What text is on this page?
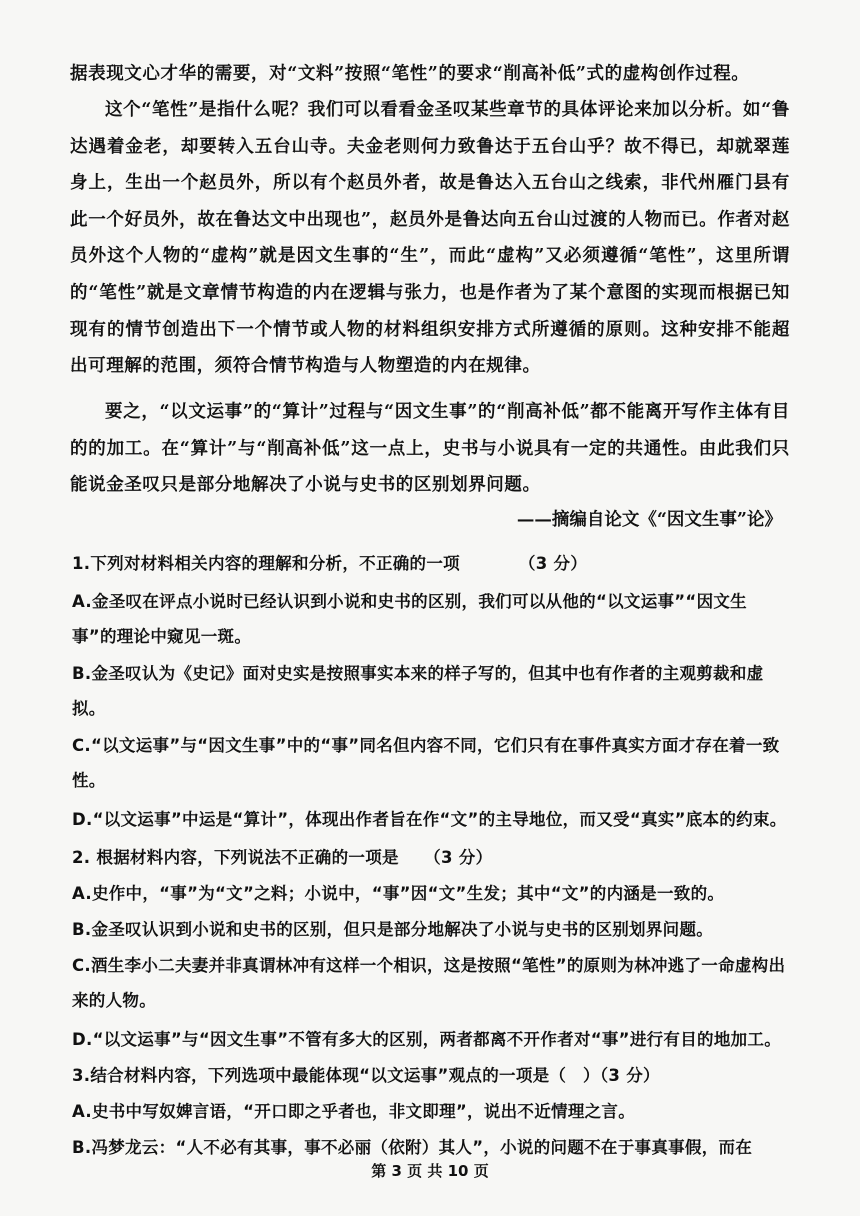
据表现文心才华的需要，对“文料”按照“笔性”的要求“削高补低”式的虚构创作过程。
这个“笔性”是指什么呢？我们可以看看金圣叹某些章节的具体评论来加以分析。如“鲁达遇着金老，却要转入五台山寺。夫金老则何力致鲁达于五台山乎？故不得已，却就翠莲身上，生出一个赵员外，所以有个赵员外者，故是鲁达入五台山之线索，非代州雁门县有此一个好员外，故在鲁达文中出现也”，赵员外是鲁达向五台山过渡的人物而已。作者对赵员外这个人物的“虚构”就是因文生事的“生”，而此“虚构”又必须遵循“笔性”，这里所谓的“笔性”就是文章情节构造的内在逻辑与张力，也是作者为了某个意图的实现而根据已知现有的情节创造出下一个情节或人物的材料组织安排方式所遵循的原则。这种安排不能超出可理解的范围，须符合情节构造与人物塑造的内在规律。
要之，“以文运事”的“算计”过程与“因文生事”的“削高补低”都不能离开写作主体有目的的加工。在“算计”与“削高补低”这一点上，史书与小说具有一定的共通性。由此我们只能说金圣叹只是部分地解决了小说与史书的区别划界问题。
——摘编自论文《“因文生事”论》
1.下列对材料相关内容的理解和分析，不正确的一项　　　　（3 分）
A.金圣叹在评点小说时已经认识到小说和史书的区别，我们可以从他的“以文运事”“因文生事”的理论中窥见一斑。
B.金圣叹认为《史记》面对史实是按照事实本来的样子写的，但其中也有作者的主观剪裁和虚拟。
C.“以文运事”与“因文生事”中的“事”同名但内容不同，它们只有在事件真实方面才存在着一致性。
D.“以文运事”中运是“算计”，体现出作者旨在作“文”的主导地位，而又受“真实”底本的约束。
2. 根据材料内容，下列说法不正确的一项是　　（3 分）
A.史作中，“事”为“文”之料；小说中，“事”因“文”生发；其中“文”的内涵是一致的。
B.金圣叹认识到小说和史书的区别，但只是部分地解决了小说与史书的区别划界问题。
C.酒生李小二夫妻并非真谓林冲有这样一个相识，这是按照“笔性”的原则为林冲逃了一命虚构出来的人物。
D.“以文运事”与“因文生事”不管有多大的区别，两者都离不开作者对“事”进行有目的地加工。
3.结合材料内容，下列选项中最能体现“以文运事”观点的一项是（　）（3 分）
A.史书中写奴婢言语，“开口即之乎者也，非文即理”，说出不近情理之言。
B.冯梦龙云：“人不必有其事，事不必丽（依附）其人”，小说的问题不在于事真事假，而在
第 3 页 共 10 页
